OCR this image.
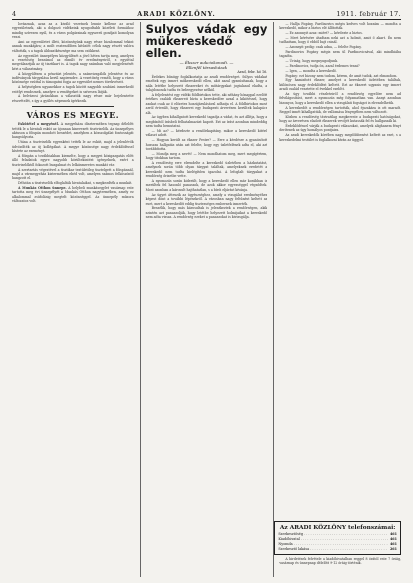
4	ARADI KÖZLÖNY.	1911. február 17.

lovásznak, azaz az a kiváló vezetnek lennie kellene az arad egyesületnek, aki a dolgozó vidékeink nyugodtabb közéleti formáihoz mindig szívesen nyúl, és a város polgárainak egyszerű gondjait komolyan veszi.

Ami az egyesületet illeti, közönségünk nagy része bizalommal tekint annak munkájára; a múlt esztendőben kitűzött célok nagy részét valóra váltották, s a tagok áldozatkészsége ma sem csökkent.

Az egyesület ünnepélyes közgyűlését a jövő héten tartja meg, amelyen a vezetőség beszámol az elmúlt év eredményeiről, s egyúttal megválasztják az új tisztikart is. A tagok nagy számban való megjelenését kéri a választmány.

A közgyűlésen a pénztári jelentés, a számvizsgálók jelentése és az indítványok tárgyalása kerül napirendre. A vezetőség reméli, hogy a város közönsége ezúttal is támogatni fogja az egyesület nemes törekvéseit.

A helyiségben ugyanekkor a tagok között nagyobb szabású ismerkedő estélyt rendeznek, amelyre a vendégeket is szívesen látják.

A belvárosi járásokban a választók nagy része már bejelentette részvételét, s így a gyűlés népesnek ígérkezik.

VÁROS ES MEGYE.

Eskütétel a megyénél. A megyeháza dísztermében tegnap délelőtt tették le a hivatali esküt az újonnan kinevezett tisztviselők. Az ünnepélyes aktuson a főispán mondott beszédet, amelyben a közszolgálat fontosságát hangsúlyozta.

Utána a tisztviselők egyenként tették le az esküt, majd a jelenlévők üdvözölték az új kollégákat. A megye közönsége nagy érdeklődéssel kísérte az eseményt.

A főispán a továbbiakban kiemelte, hogy a megyei közigazgatás előtt álló feladatok egyre nagyobb körültekintést igényelnek, ezért a tisztviselőktől fokozott buzgalmat és lelkiismeretes munkát vár.

A szertartás végeztével a tisztikar testületileg tisztelgett a főispánnál, majd a vármegyeház kistermében ebéd volt, amelyen számos felköszöntő hangzott el.

Délután a tisztviselők elfoglalták hivatalaikat, s megkezdték a munkát.

A Munkás Otthon ünnepe. A helybeli munkásegylet vasárnap este tartotta meg évi ünnepélyét a Munkás Otthon nagytermében, amely ez alkalommal zsúfolásig megtelt közönséggel. Az ünnepély műsora változatos volt.

Sulyos vádak egy mükereskedő ellen.
— Ékszer aukciokonodi. —
Ellenfél társasházak
Arad, febr. hó 16.

Érdekes bűnügy foglalkoztatja az aradi rendőrséget. Súlyos vádakat emeltek egy ismert műkereskedő ellen, akit azzal gyanúsítanak, hogy a nála letétbe helyezett ékszereket és műtárgyakat jogtalanul eladta, a tulajdonosok tudta és beleegyezése nélkül.

A feljelentést egy vidéki földbirtokos tette, aki néhány hónappal ezelőtt értékes családi ékszereit bízta a kereskedőre azzal a kikötéssel, hogy azokat csak az ő előzetes hozzájárulásával adhatja el. A földbirtokos most arról értesült, hogy ékszerei egy budapesti árverésen kerültek kalapács alá.

Az ügyben kihallgatott kereskedő tagadja a vádat, és azt állítja, hogy a megbízótól írásbeli felhatalmazást kapott. Ezt az írást azonban mindeddig nem tudta bemutatni.

— Mi az? — kérdezte a rendőrkapitány, mikor a kereskedő kitérő választ adott.

— Hogyan került az ékszer Pestre? — Erre a kérdésre a gyanúsított hosszas hallgatás után azt felelte, hogy egy üzletfelének adta el, aki azt továbbította.

— Mondja meg a nevét! — Nem mondhatom meg, mert megígértem, hogy titokban tartom.

A rendőrség erre elrendelte a kereskedő üzletében a házkutatást, amelynek során több olyan tárgyat találtak, amelyeknek eredetét a kereskedő nem tudta kielégítően igazolni. A lefoglalt tárgyakat a rendőrség őrizetbe vette.

A nyomozás során kiderült, hogy a kereskedő ellen már korábban is merültek fel hasonló panaszok, de azok akkor egyezséggel végződtek. Most azonban a károsult hajthatatlan, s a bírói eljárást kívánja.

Az ügyet átteszik az ügyészséghez, amely a vizsgálat eredményéhez képest dönt a további lépésekről. A városban nagy feltűnést keltett az eset, mert a kereskedőt eddig tisztességes embernek ismerték.

Beszélik, hogy más károsultak is jelentkeztek a rendőrségen, akik szintén azt panaszolják, hogy letétbe helyezett holmijaikat a kereskedő nem adta vissza. A rendőrség ezeket a panaszokat is kivizsgálja.

— Hallja Fogány, Pardinovics mégis kedves volt hozzám — mondta a kereskedő, mikor a biztos elé állították.

— Ez azonnyit azaz: miért? — kérdezte a biztos.

— Mert kérésére átadtam neki azt a holmit, amit ő akart. Én nem tudhattam, hogy ő ebből bajt csinál.

— Azonnyit pedig: csak adna, — felelte Fogány.

Pardinovics Fogány mégis nem ül Pardinovicsával, aki mindhiába tagadta.

— Úriság, hogy megnyugodjunk.

— Pardinovics, tudja ön, azzal érdemes tenni?

— Igen, — mondta a kereskedő.

Fogány: ezt bizony nem tudom, kérem, de amit tudok, azt elmondom.

Egy hamisított ékszer, amelyet a kereskedő üzletében találtak, különösen nagy érdeklődést keltett. Ezt az ékszert ugyanis egy ismert aradi család vesztette el évekkel ezelőtt.

Az ügy további részleteiről a rendőrség egyelőre nem ad felvilágosítást, mert a nyomozás még folyamatban van. Annyi azonban bizonyos, hogy a kereskedő ellen a vizsgálati fogságot is elrendelhetik.

A kereskedőt a rendőrségen tartották, ahol éjszakára is ott maradt. Reggel ismét kihallgatták, de vallomása lényegében nem változott.

Közben a rendőrség táviratilag megkereste a budapesti hatóságokat, hogy az árverésen eladott ékszerek vevőjét kutassák fel és hallgassák ki.

Érdeklődéssel várják a budapesti válaszokat, amelyek alighanem fényt derítenek az ügy homályos pontjaira.

Az aradi kereskedők körében nagy megdöbbenést keltett az eset, s a kereskedelmi testület is foglalkozni kíván az üggyel.

Az ARADI KÖZLÖNY telefonszámai:
Szerkesztőség . . .	461
Kiadóhivatal . . .	461
Nyomda . . .	461
Szerkesztő lakása . . .	261

A hirdetések felvétele a kiadóhivatalban reggel 8 órától este 7 óráig, vasárnap és ünnepnap délelőtt 9-12 óráig történik.
